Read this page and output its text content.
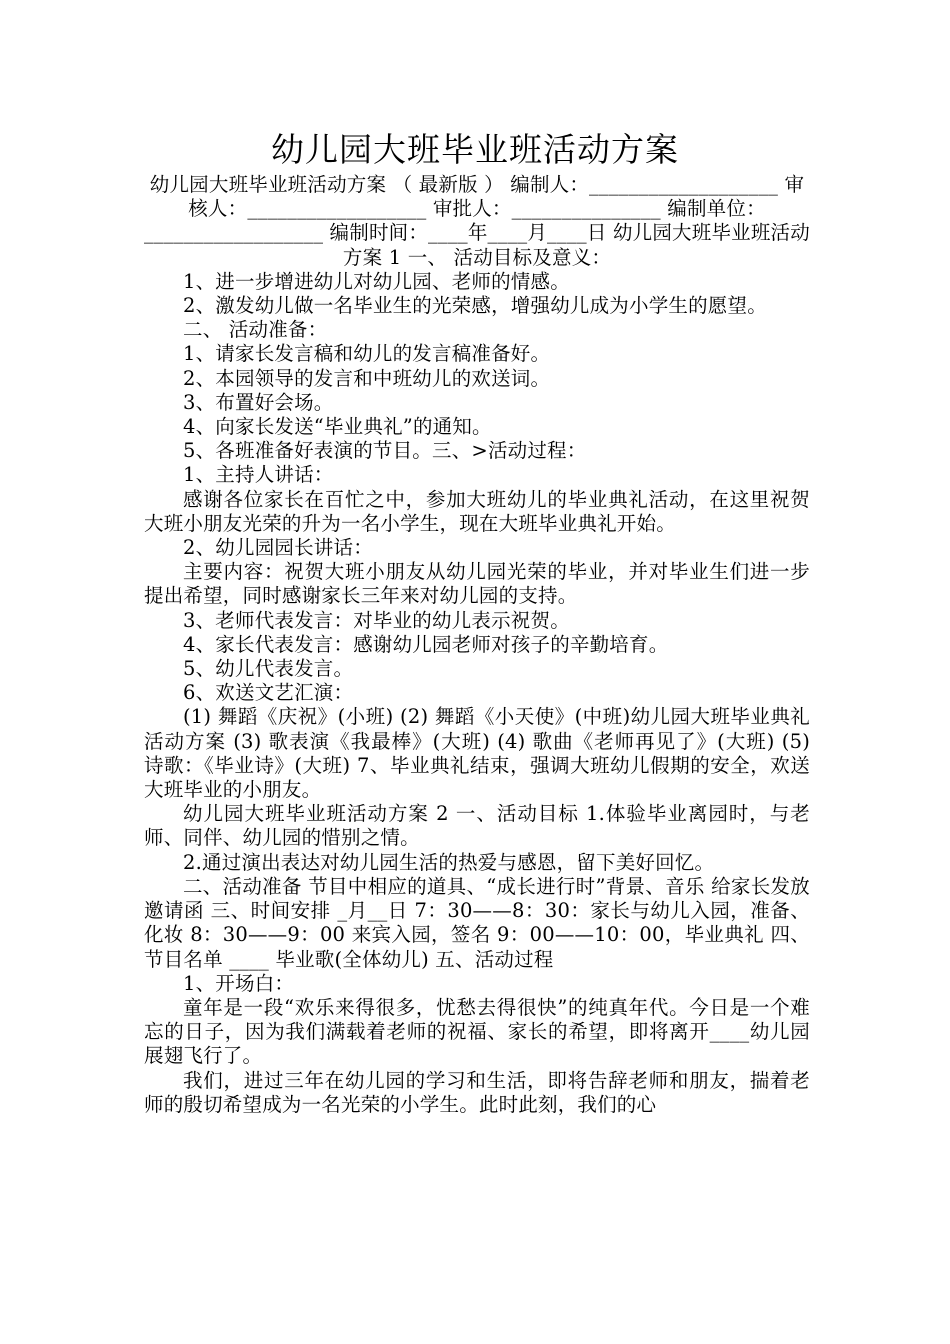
幼儿园大班毕业班活动方案

幼儿园大班毕业班活动方案 （ 最新版 ） 编制人：___________________ 审核人：__________________ 审批人：_______________ 编制单位：__________________ 编制时间：____年____月____日 幼儿园大班毕业班活动方案 1 一、 活动目标及意义：

1、进一步增进幼儿对幼儿园、老师的情感。

2、激发幼儿做一名毕业生的光荣感，增强幼儿成为小学生的愿望。

二、 活动准备：

1、请家长发言稿和幼儿的发言稿准备好。

2、本园领导的发言和中班幼儿的欢送词。

3、布置好会场。

4、向家长发送“毕业典礼”的通知。

5、各班准备好表演的节目。三、>活动过程：

1、主持人讲话：

感谢各位家长在百忙之中，参加大班幼儿的毕业典礼活动，在这里祝贺大班小朋友光荣的升为一名小学生，现在大班毕业典礼开始。

2、幼儿园园长讲话：

主要内容：祝贺大班小朋友从幼儿园光荣的毕业，并对毕业生们进一步提出希望，同时感谢家长三年来对幼儿园的支持。

3、老师代表发言：对毕业的幼儿表示祝贺。

4、家长代表发言：感谢幼儿园老师对孩子的辛勤培育。

5、幼儿代表发言。

6、欢送文艺汇演：

(1) 舞蹈《庆祝》(小班) (2) 舞蹈《小天使》(中班)幼儿园大班毕业典礼活动方案 (3) 歌表演《我最棒》(大班) (4) 歌曲《老师再见了》(大班) (5) 诗歌：《毕业诗》(大班) 7、毕业典礼结束，强调大班幼儿假期的安全，欢送大班毕业的小朋友。

幼儿园大班毕业班活动方案 2 一、活动目标 1.体验毕业离园时，与老师、同伴、幼儿园的惜别之情。

2.通过演出表达对幼儿园生活的热爱与感恩，留下美好回忆。

二、活动准备 节目中相应的道具、“成长进行时”背景、音乐 给家长发放邀请函 三、时间安排 _月__日 7：30——8：30：家长与幼儿入园，准备、化妆 8：30——9：00 来宾入园，签名 9：00——10：00，毕业典礼 四、节目名单 ____ 毕业歌(全体幼儿) 五、活动过程

1、开场白：

童年是一段“欢乐来得很多，忧愁去得很快”的纯真年代。今日是一个难忘的日子，因为我们满载着老师的祝福、家长的希望，即将离开____幼儿园展翅飞行了。

我们，进过三年在幼儿园的学习和生活，即将告辞老师和朋友，揣着老师的殷切希望成为一名光荣的小学生。此时此刻，我们的心
